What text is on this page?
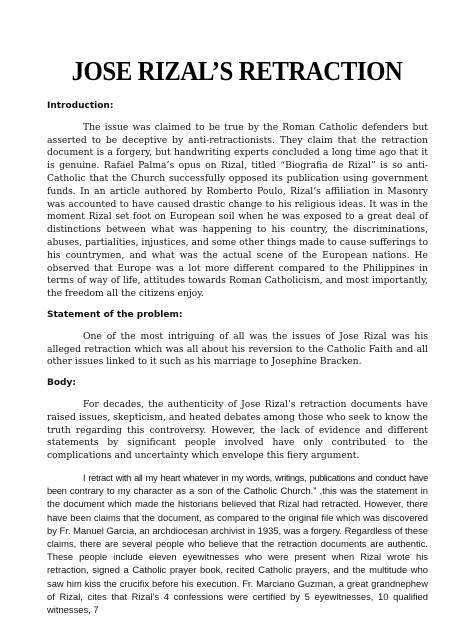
JOSE RIZAL’S RETRACTION
Introduction:

The issue was claimed to be true by the Roman Catholic defenders but asserted to be deceptive by anti-retractionists. They claim that the retraction document is a forgery, but handwriting experts concluded a long time ago that it is genuine. Rafael Palma’s opus on Rizal, titled “Biografia de Rizal” is so anti-Catholic that the Church successfully opposed its publication using government funds. In an article authored by Romberto Poulo, Rizal’s affiliation in Masonry was accounted to have caused drastic change to his religious ideas. It was in the moment Rizal set foot on European soil when he was exposed to a great deal of distinctions between what was happening to his country, the discriminations, abuses, partialities, injustices, and some other things made to cause sufferings to his countrymen, and what was the actual scene of the European nations. He observed that Europe was a lot more different compared to the Philippines in terms of way of life, attitudes towards Roman Catholicism, and most importantly, the freedom all the citizens enjoy.

Statement of the problem:

One of the most intriguing of all was the issues of Jose Rizal was his alleged retraction which was all about his reversion to the Catholic Faith and all other issues linked to it such as his marriage to Josephine Bracken.

Body:

For decades, the authenticity of Jose Rizal’s retraction documents have raised issues, skepticism, and heated debates among those who seek to know the truth regarding this controversy. However, the lack of evidence and different statements by significant people involved have only contributed to the complications and uncertainty which envelope this fiery argument.

I retract with all my heart whatever in my words, writings, publications and conduct have been contrary to my character as a son of the Catholic Church.” ,this was the statement in the document which made the historians believed that Rizal had retracted. However, there have been claims that the document, as compared to the original file which was discovered by Fr. Manuel Garcia, an archdiocesan archivist in 1935, was a forgery. Regardless of these claims, there are several people who believe that the retraction documents are authentic. These people include eleven eyewitnesses who were present when Rizal wrote his retraction, signed a Catholic prayer book, recited Catholic prayers, and the multitude who saw him kiss the crucifix before his execution. Fr. Marciano Guzman, a great grandnephew of Rizal, cites that Rizal’s 4 confessions were certified by 5 eyewitnesses, 10 qualified witnesses, 7
